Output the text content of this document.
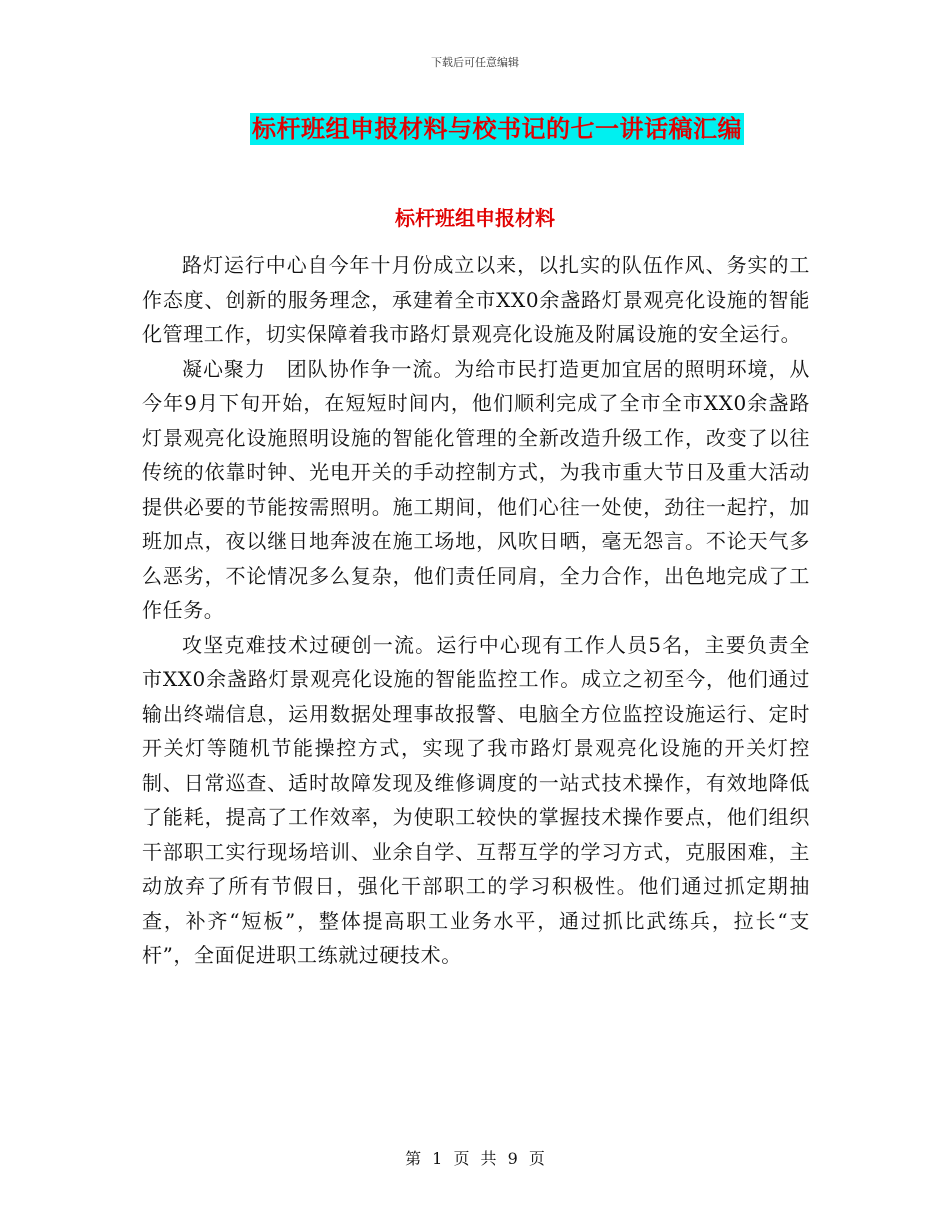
下载后可任意编辑
标杆班组申报材料与校书记的七一讲话稿汇编
标杆班组申报材料

路灯运行中心自今年十月份成立以来，以扎实的队伍作风、务实的工作态度、创新的服务理念，承建着全市XX0余盏路灯景观亮化设施的智能化管理工作，切实保障着我市路灯景观亮化设施及附属设施的安全运行。

凝心聚力　团队协作争一流。为给市民打造更加宜居的照明环境，从今年9月下旬开始，在短短时间内，他们顺利完成了全市全市XX0余盏路灯景观亮化设施照明设施的智能化管理的全新改造升级工作，改变了以往传统的依靠时钟、光电开关的手动控制方式，为我市重大节日及重大活动提供必要的节能按需照明。施工期间，他们心往一处使，劲往一起拧，加班加点，夜以继日地奔波在施工场地，风吹日晒，毫无怨言。不论天气多么恶劣，不论情况多么复杂，他们责任同肩，全力合作，出色地完成了工作任务。

攻坚克难技术过硬创一流。运行中心现有工作人员5名，主要负责全市XX0余盏路灯景观亮化设施的智能监控工作。成立之初至今，他们通过输出终端信息，运用数据处理事故报警、电脑全方位监控设施运行、定时开关灯等随机节能操控方式，实现了我市路灯景观亮化设施的开关灯控制、日常巡查、适时故障发现及维修调度的一站式技术操作，有效地降低了能耗，提高了工作效率，为使职工较快的掌握技术操作要点，他们组织干部职工实行现场培训、业余自学、互帮互学的学习方式，克服困难，主动放弃了所有节假日，强化干部职工的学习积极性。他们通过抓定期抽查，补齐“短板”，整体提高职工业务水平，通过抓比武练兵，拉长“支杆”，全面促进职工练就过硬技术。

第 1 页 共 9 页
